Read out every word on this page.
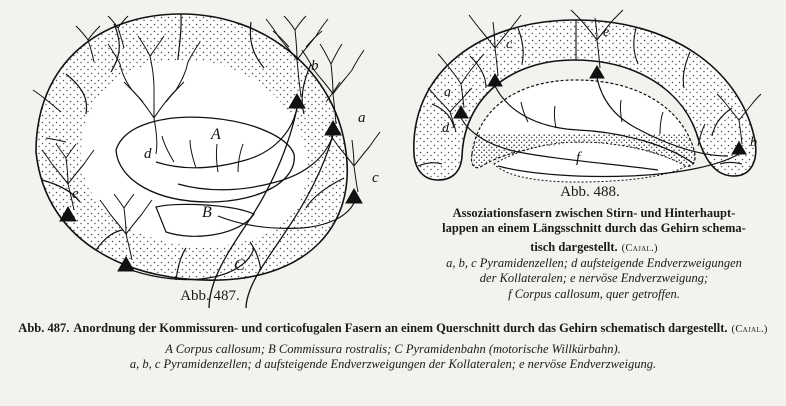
A
B
C
d
b
a
c
e
c
e
a
d
b
f
Abb. 487.
Abb. 488.
Assoziationsfasern zwischen Stirn- und Hinterhaupt-
lappen an einem Längsschnitt durch das Gehirn schema-
tisch dargestellt. (Cajal.)
a, b, c Pyramidenzellen; d aufsteigende Endverzweigungen
der Kollateralen; e nervöse Endverzweigung;
f Corpus callosum, quer getroffen.
Abb. 487. Anordnung der Kommissuren- und corticofugalen Fasern an einem Querschnitt durch das Gehirn schematisch dargestellt. (Cajal.)
A Corpus callosum; B Commissura rostralis; C Pyramidenbahn (motorische Willkürbahn).
a, b, c Pyramidenzellen; d aufsteigende Endverzweigungen der Kollateralen; e nervöse Endverzweigung.
